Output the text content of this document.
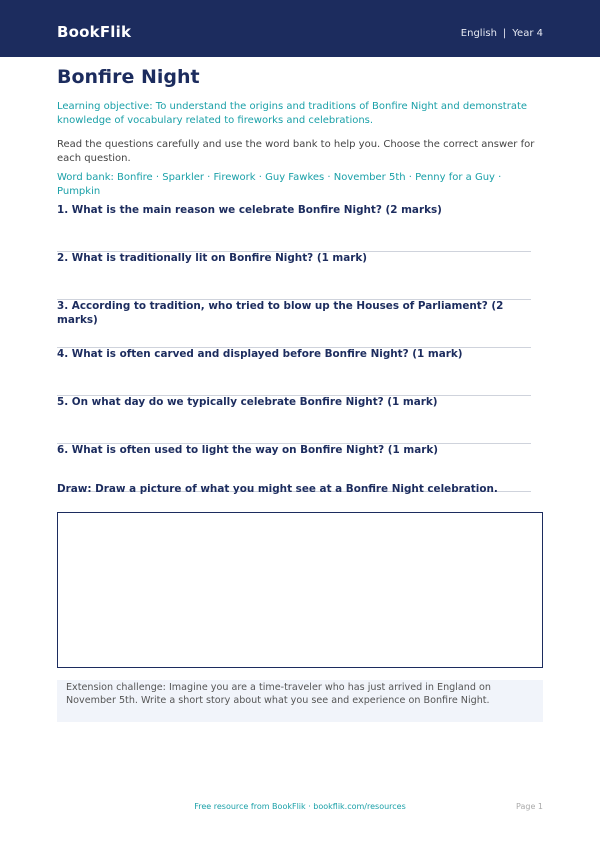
BookFlik	English | Year 4
Bonfire Night
Learning objective: To understand the origins and traditions of Bonfire Night and demonstrate knowledge of vocabulary related to fireworks and celebrations.
Read the questions carefully and use the word bank to help you. Choose the correct answer for each question.
Word bank: Bonfire · Sparkler · Firework · Guy Fawkes · November 5th · Penny for a Guy · Pumpkin
1. What is the main reason we celebrate Bonfire Night? (2 marks)
2. What is traditionally lit on Bonfire Night? (1 mark)
3. According to tradition, who tried to blow up the Houses of Parliament? (2 marks)
4. What is often carved and displayed before Bonfire Night? (1 mark)
5. On what day do we typically celebrate Bonfire Night? (1 mark)
6. What is often used to light the way on Bonfire Night? (1 mark)
Draw: Draw a picture of what you might see at a Bonfire Night celebration.
Extension challenge: Imagine you are a time-traveler who has just arrived in England on November 5th. Write a short story about what you see and experience on Bonfire Night.
Free resource from BookFlik · bookflik.com/resources	Page 1
